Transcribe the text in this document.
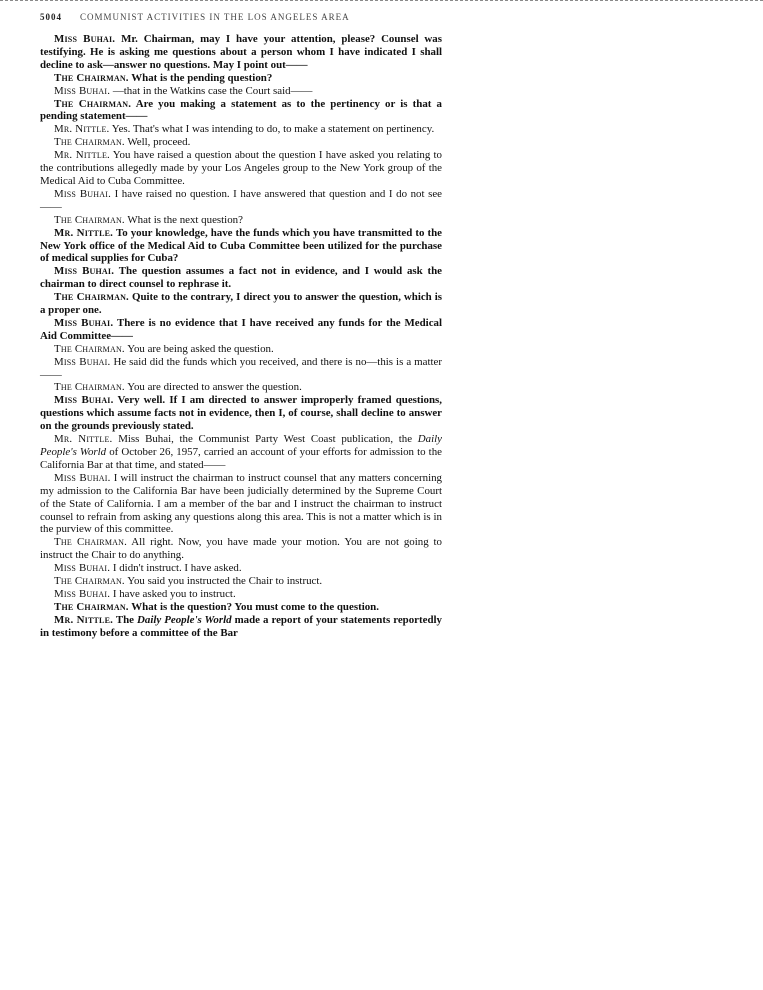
5004 COMMUNIST ACTIVITIES IN THE LOS ANGELES AREA

Miss Buhai. Mr. Chairman, may I have your attention, please? Counsel was testifying. He is asking me questions about a person whom I have indicated I shall decline to ask—answer no questions. May I point out——

The Chairman. What is the pending question?

Miss Buhai. —that in the Watkins case the Court said——

The Chairman. Are you making a statement as to the pertinency or is that a pending statement——

Mr. Nittle. Yes. That's what I was intending to do, to make a statement on pertinency.

The Chairman. Well, proceed.

Mr. Nittle. You have raised a question about the question I have asked you relating to the contributions allegedly made by your Los Angeles group to the New York group of the Medical Aid to Cuba Committee.

Miss Buhai. I have raised no question. I have answered that question and I do not see——

The Chairman. What is the next question?

Mr. Nittle. To your knowledge, have the funds which you have transmitted to the New York office of the Medical Aid to Cuba Committee been utilized for the purchase of medical supplies for Cuba?

Miss Buhai. The question assumes a fact not in evidence, and I would ask the chairman to direct counsel to rephrase it.

The Chairman. Quite to the contrary, I direct you to answer the question, which is a proper one.

Miss Buhai. There is no evidence that I have received any funds for the Medical Aid Committee——

The Chairman. You are being asked the question.

Miss Buhai. He said did the funds which you received, and there is no—this is a matter——

The Chairman. You are directed to answer the question.

Miss Buhai. Very well. If I am directed to answer improperly framed questions, questions which assume facts not in evidence, then I, of course, shall decline to answer on the grounds previously stated.

Mr. Nittle. Miss Buhai, the Communist Party West Coast publication, the Daily People's World of October 26, 1957, carried an account of your efforts for admission to the California Bar at that time, and stated——

Miss Buhai. I will instruct the chairman to instruct counsel that any matters concerning my admission to the California Bar have been judicially determined by the Supreme Court of the State of California. I am a member of the bar and I instruct the chairman to instruct counsel to refrain from asking any questions along this area. This is not a matter which is in the purview of this committee.

The Chairman. All right. Now, you have made your motion. You are not going to instruct the Chair to do anything.

Miss Buhai. I didn't instruct. I have asked.

The Chairman. You said you instructed the Chair to instruct.

Miss Buhai. I have asked you to instruct.

The Chairman. What is the question? You must come to the question.

Mr. Nittle. The Daily People's World made a report of your statements reportedly in testimony before a committee of the Bar
